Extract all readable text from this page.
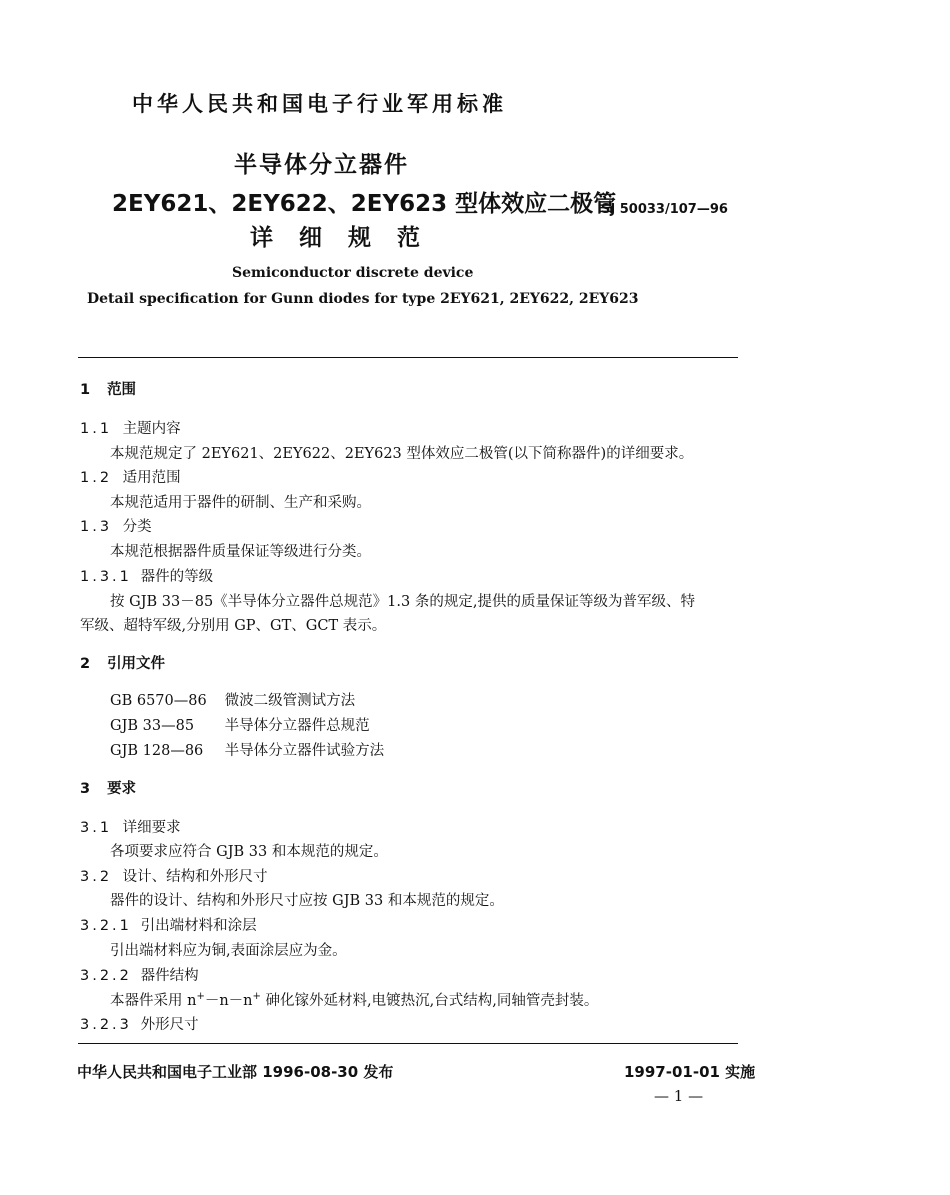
中华人民共和国电子行业军用标准
半导体分立器件
2EY621、2EY622、2EY623 型体效应二极管
详细规范
SJ 50033/107—96
Semiconductor discrete device
Detail specification for Gunn diodes for type 2EY621, 2EY622, 2EY623
1 范围
1.1 主题内容
本规范规定了 2EY621、2EY622、2EY623 型体效应二极管(以下简称器件)的详细要求。
1.2 适用范围
本规范适用于器件的研制、生产和采购。
1.3 分类
本规范根据器件质量保证等级进行分类。
1.3.1 器件的等级
按 GJB 33－85《半导体分立器件总规范》1.3 条的规定,提供的质量保证等级为普军级、特
军级、超特军级,分别用 GP、GT、GCT 表示。
2 引用文件
GB 6570—86 微波二级管测试方法
GJB 33—85 半导体分立器件总规范
GJB 128—86 半导体分立器件试验方法
3 要求
3.1 详细要求
各项要求应符合 GJB 33 和本规范的规定。
3.2 设计、结构和外形尺寸
器件的设计、结构和外形尺寸应按 GJB 33 和本规范的规定。
3.2.1 引出端材料和涂层
引出端材料应为铜,表面涂层应为金。
3.2.2 器件结构
本器件采用 n+－n－n+ 砷化镓外延材料,电镀热沉,台式结构,同轴管壳封装。
3.2.3 外形尺寸
中华人民共和国电子工业部 1996-08-30 发布	1997-01-01 实施
— 1 —
